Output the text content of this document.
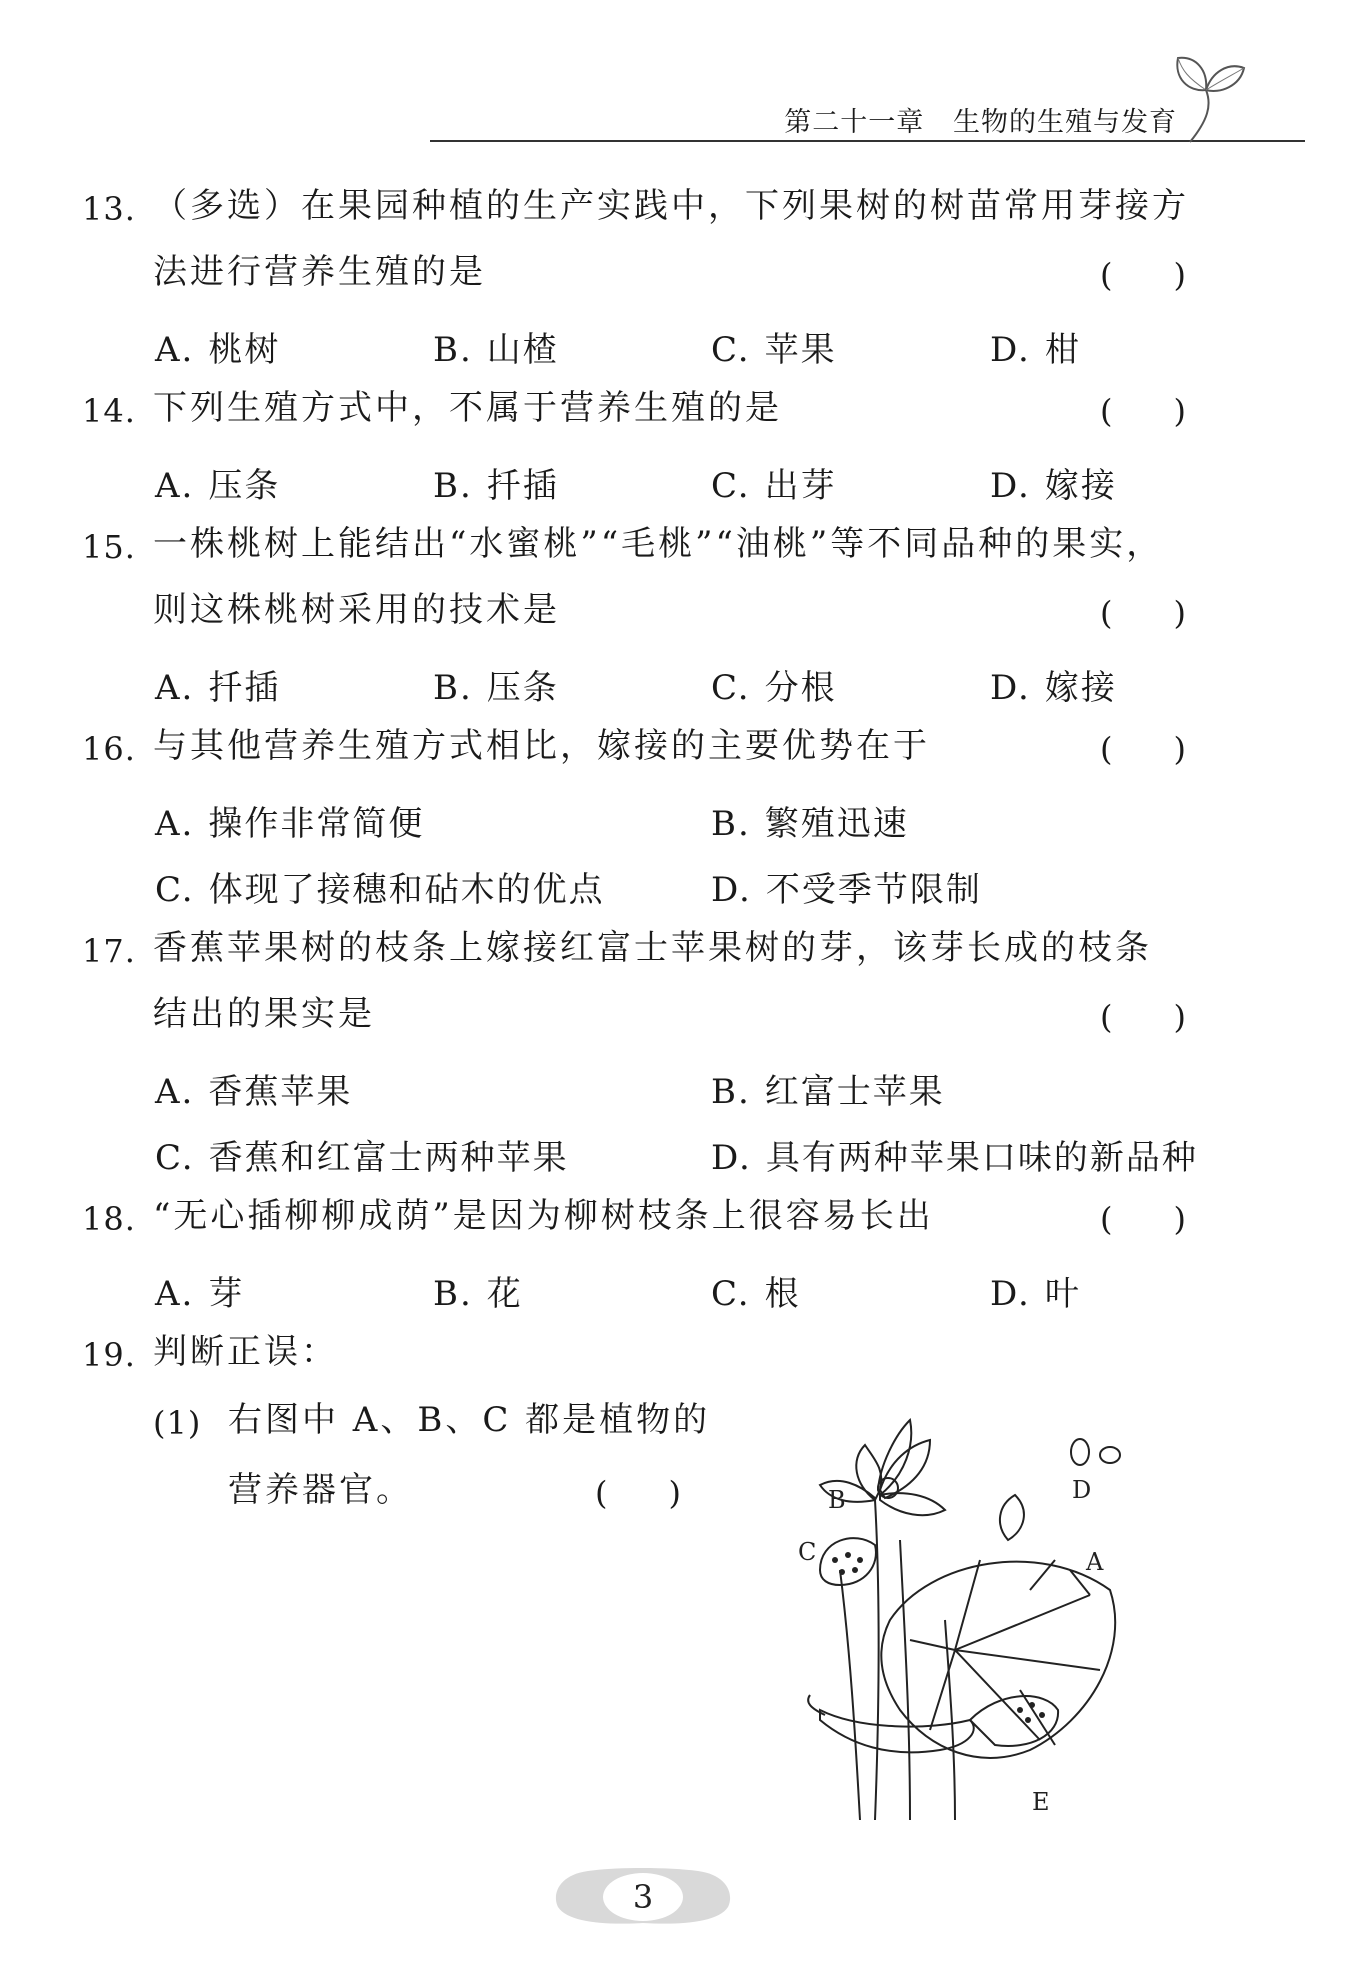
第二十一章   生物的生殖与发育
13. （多选）在果园种植的生产实践中，下列果树的树苗常用芽接方
法进行营养生殖的是	(      )
A. 桃树	B. 山楂	C. 苹果	D. 柑
14. 下列生殖方式中，不属于营养生殖的是	(      )
A. 压条	B. 扦插	C. 出芽	D. 嫁接
15. 一株桃树上能结出“水蜜桃”“毛桃”“油桃”等不同品种的果实，
则这株桃树采用的技术是	(      )
A. 扦插	B. 压条	C. 分根	D. 嫁接
16. 与其他营养生殖方式相比，嫁接的主要优势在于	(      )
A. 操作非常简便	B. 繁殖迅速
C. 体现了接穗和砧木的优点	D. 不受季节限制
17. 香蕉苹果树的枝条上嫁接红富士苹果树的芽，该芽长成的枝条
结出的果实是	(      )
A. 香蕉苹果	B. 红富士苹果
C. 香蕉和红富士两种苹果	D. 具有两种苹果口味的新品种
18. “无心插柳柳成荫”是因为柳树枝条上很容易长出	(      )
A. 芽	B. 花	C. 根	D. 叶
19. 判断正误：
(1) 右图中 A、B、C 都是植物的
营养器官。	(      )	B
C
D
A
E
3
